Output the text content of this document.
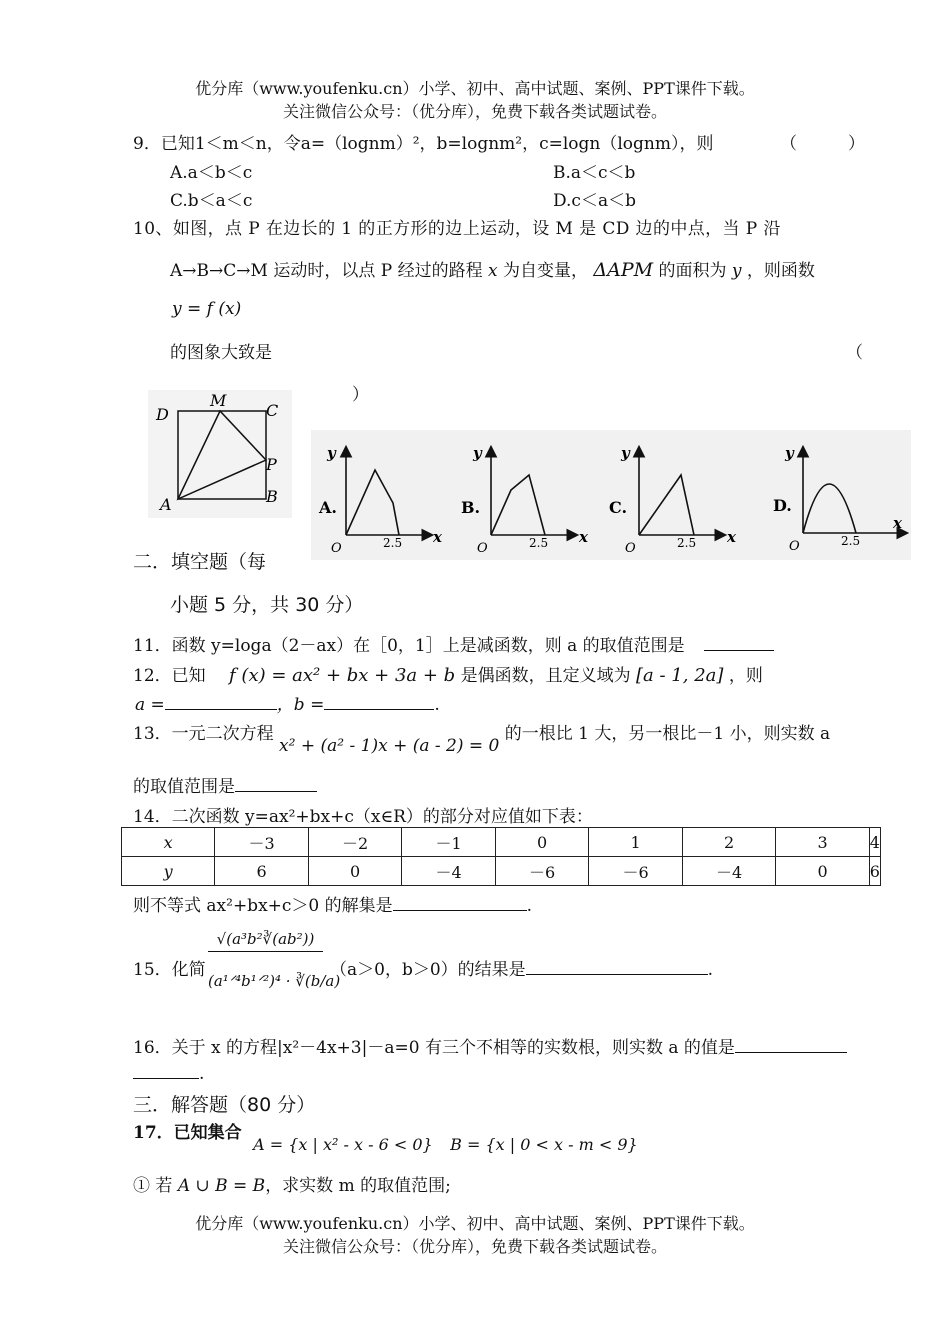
优分库（www.youfenku.cn）小学、初中、高中试题、案例、PPT课件下载。
关注微信公众号：（优分库），免费下载各类试题试卷。
9．已知1＜m＜n，令a=（lognm）²，b=lognm²，c=logn（lognm），则	（　　　）
A.a＜b＜c	B.a＜c＜b
C.b＜a＜c	D.c＜a＜b
10、如图，点 P 在边长的 1 的正方形的边上运动，设 M 是 CD 边的中点，当 P 沿
A→B→C→M 运动时，以点 P 经过的路程 x 为自变量， ΔAPM 的面积为 y ，则函数
y = f (x)
的图象大致是	（
）
D
M
C
P
A	B
A.
y
x
O	2.5
B.
y
x
O	2.5
C.
y
x
O	2.5
D.
y
x
O	2.5
二．填空题（每
小题 5 分，共 30 分）
11．函数 y=loga（2－ax）在［0，1］上是减函数，则 a 的取值范围是
12．已知 f (x) = ax² + bx + 3a + b 是偶函数，且定义域为 [a - 1, 2a] ，则
a =	，b =	.
13．一元二次方程 x² + (a² - 1)x + (a - 2) = 0 的一根比 1 大，另一根比－1 小，则实数 a
的取值范围是
14．二次函数 y=ax²+bx+c（x∈R）的部分对应值如下表：
x	－3	－2	－1	0	1	2	3	4
y	6	0	－4	－6	－6	－4	0	6
则不等式 ax²+bx+c＞0 的解集是	.
15．化简
√(a³b²∛(ab²))
(a¹ᐟ⁴b¹ᐟ²)⁴ · ∛(b/a)
（a＞0，b＞0）的结果是	.
16．关于 x 的方程|x²－4x+3|－a=0 有三个不相等的实数根，则实数 a 的值是
.
三．解答题（80 分）
17．已知集合 A = {x | x² - x - 6 < 0} B = {x | 0 < x - m < 9}
① 若 A ∪ B = B，求实数 m 的取值范围;
优分库（www.youfenku.cn）小学、初中、高中试题、案例、PPT课件下载。
关注微信公众号：（优分库），免费下载各类试题试卷。
